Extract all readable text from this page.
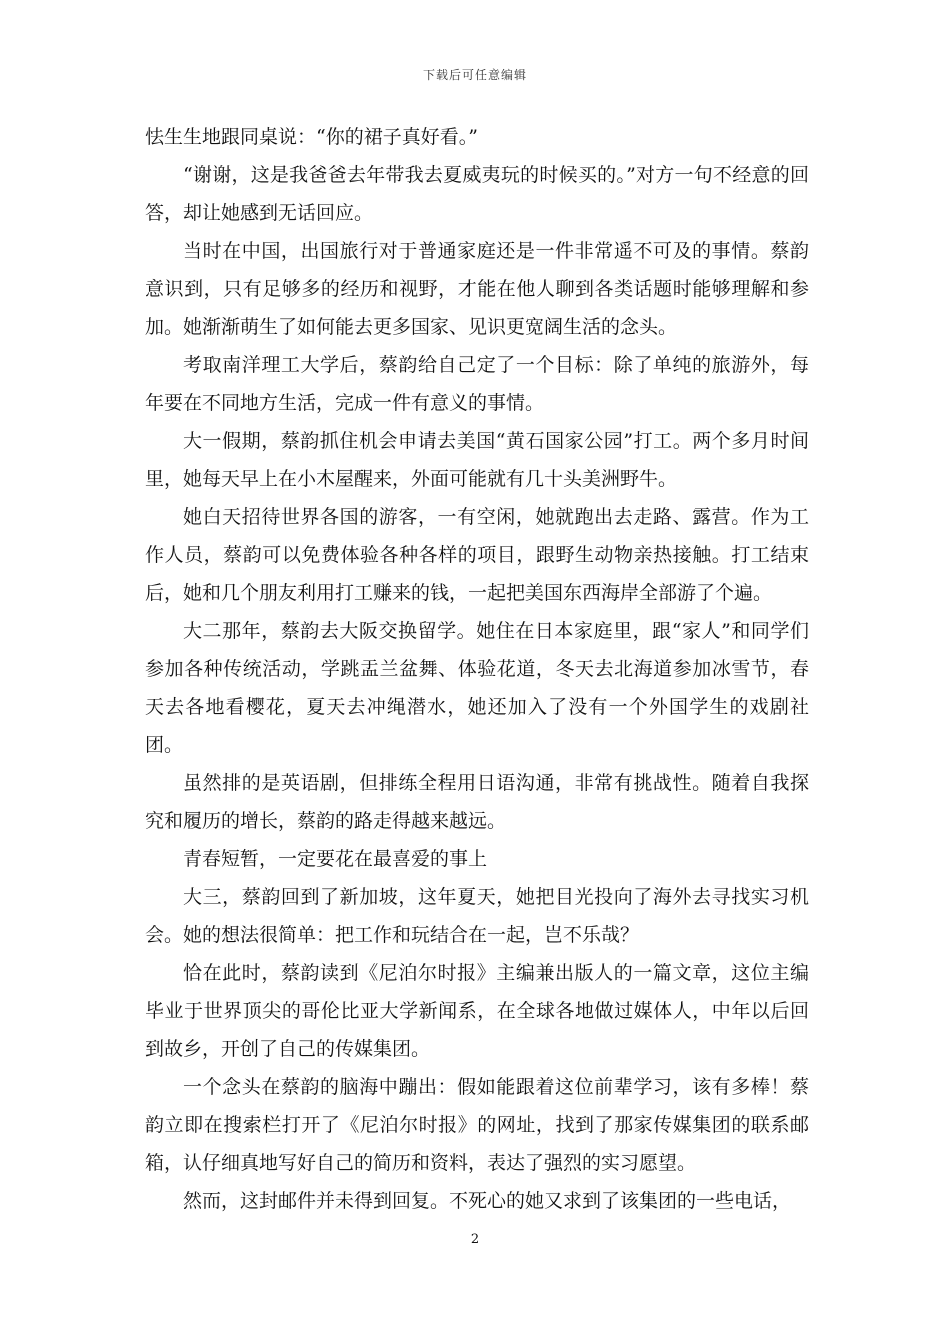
下载后可任意编辑

怯生生地跟同桌说：“你的裙子真好看。”

“谢谢，这是我爸爸去年带我去夏威夷玩的时候买的。”对方一句不经意的回答，却让她感到无话回应。

当时在中国，出国旅行对于普通家庭还是一件非常遥不可及的事情。蔡韵意识到，只有足够多的经历和视野，才能在他人聊到各类话题时能够理解和参加。她渐渐萌生了如何能去更多国家、见识更宽阔生活的念头。

考取南洋理工大学后，蔡韵给自己定了一个目标：除了单纯的旅游外，每年要在不同地方生活，完成一件有意义的事情。

大一假期，蔡韵抓住机会申请去美国“黄石国家公园”打工。两个多月时间里，她每天早上在小木屋醒来，外面可能就有几十头美洲野牛。

她白天招待世界各国的游客，一有空闲，她就跑出去走路、露营。作为工作人员，蔡韵可以免费体验各种各样的项目，跟野生动物亲热接触。打工结束后，她和几个朋友利用打工赚来的钱，一起把美国东西海岸全部游了个遍。

大二那年，蔡韵去大阪交换留学。她住在日本家庭里，跟“家人”和同学们参加各种传统活动，学跳盂兰盆舞、体验花道，冬天去北海道参加冰雪节，春天去各地看樱花，夏天去冲绳潜水，她还加入了没有一个外国学生的戏剧社团。

虽然排的是英语剧，但排练全程用日语沟通，非常有挑战性。随着自我探究和履历的增长，蔡韵的路走得越来越远。

青春短暂，一定要花在最喜爱的事上

大三，蔡韵回到了新加坡，这年夏天，她把目光投向了海外去寻找实习机会。她的想法很简单：把工作和玩结合在一起，岂不乐哉？

恰在此时，蔡韵读到《尼泊尔时报》主编兼出版人的一篇文章，这位主编毕业于世界顶尖的哥伦比亚大学新闻系，在全球各地做过媒体人，中年以后回到故乡，开创了自己的传媒集团。

一个念头在蔡韵的脑海中蹦出：假如能跟着这位前辈学习，该有多棒！蔡韵立即在搜索栏打开了《尼泊尔时报》的网址，找到了那家传媒集团的联系邮箱，认仔细真地写好自己的简历和资料，表达了强烈的实习愿望。

然而，这封邮件并未得到回复。不死心的她又求到了该集团的一些电话，

2
